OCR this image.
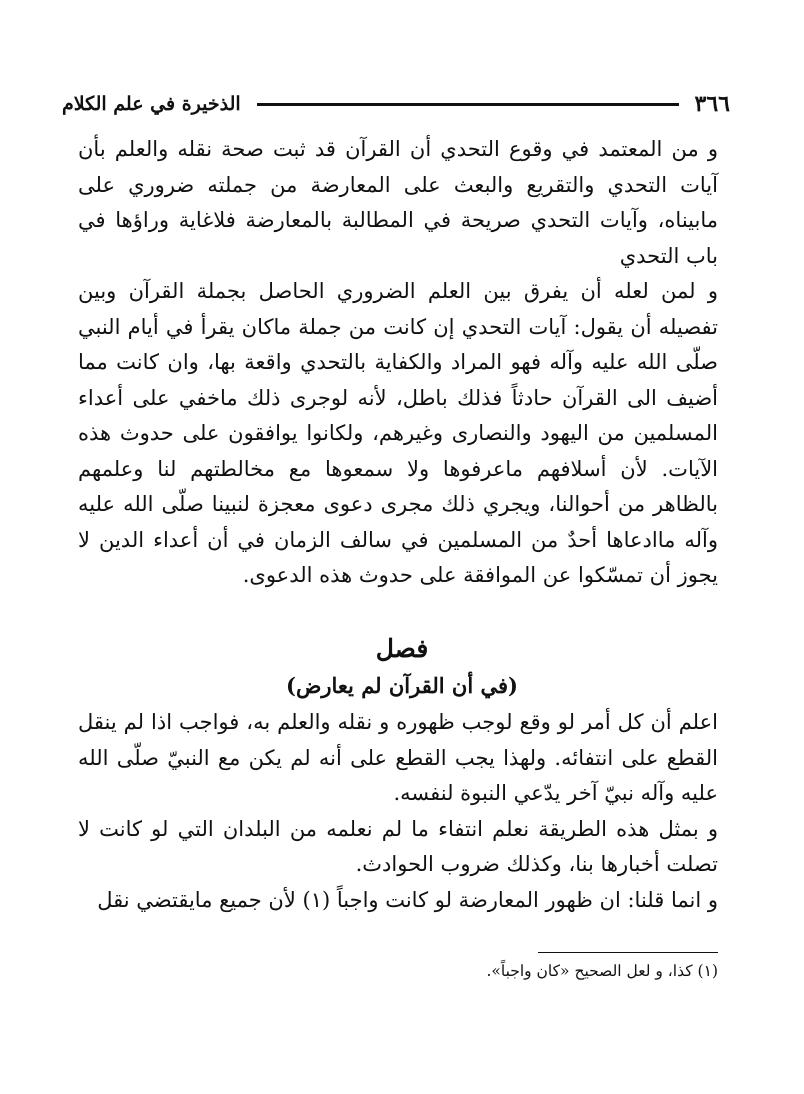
٣٦٦
الذخيرة في علم الكلام

و من المعتمد في وقوع التحدي أن القرآن قد ثبت صحة نقله والعلم بأن آيات التحدي والتقريع والبعث على المعارضة من جملته ضروري على مابيناه، وآيات التحدي صريحة في المطالبة بالمعارضة فلاغاية وراؤها في باب التحدي

و لمن لعله أن يفرق بين العلم الضروري الحاصل بجملة القرآن وبين تفصيله أن يقول: آيات التحدي إن كانت من جملة ماكان يقرأ في أيام النبي صلّى الله عليه وآله فهو المراد والكفاية بالتحدي واقعة بها، وان كانت مما أضيف الى القرآن حادثاً فذلك باطل، لأنه لوجرى ذلك ماخفي على أعداء المسلمين من اليهود والنصارى وغيرهم، ولكانوا يوافقون على حدوث هذه الآيات. لأن أسلافهم ماعرفوها ولا سمعوها مع مخالطتهم لنا وعلمهم بالظاهر من أحوالنا، ويجري ذلك مجرى دعوى معجزة لنبينا صلّى الله عليه وآله ماادعاها أحدٌ من المسلمين في سالف الزمان في أن أعداء الدين لا يجوز أن تمسّكوا عن الموافقة على حدوث هذه الدعوى.

فصل
(في أن القرآن لم يعارض)

اعلم أن كل أمر لو وقع لوجب ظهوره و نقله والعلم به، فواجب اذا لم ينقل القطع على انتفائه. ولهذا يجب القطع على أنه لم يكن مع النبيّ صلّى الله عليه وآله نبيّ آخر يدّعي النبوة لنفسه.

و بمثل هذه الطريقة نعلم انتفاء ما لم نعلمه من البلدان التي لو كانت لا تصلت أخبارها بنا، وكذلك ضروب الحوادث.

و انما قلنا: ان ظهور المعارضة لو كانت واجباً (١) لأن جميع مايقتضي نقل

(١) كذا، و لعل الصحيح «كان واجباً».
